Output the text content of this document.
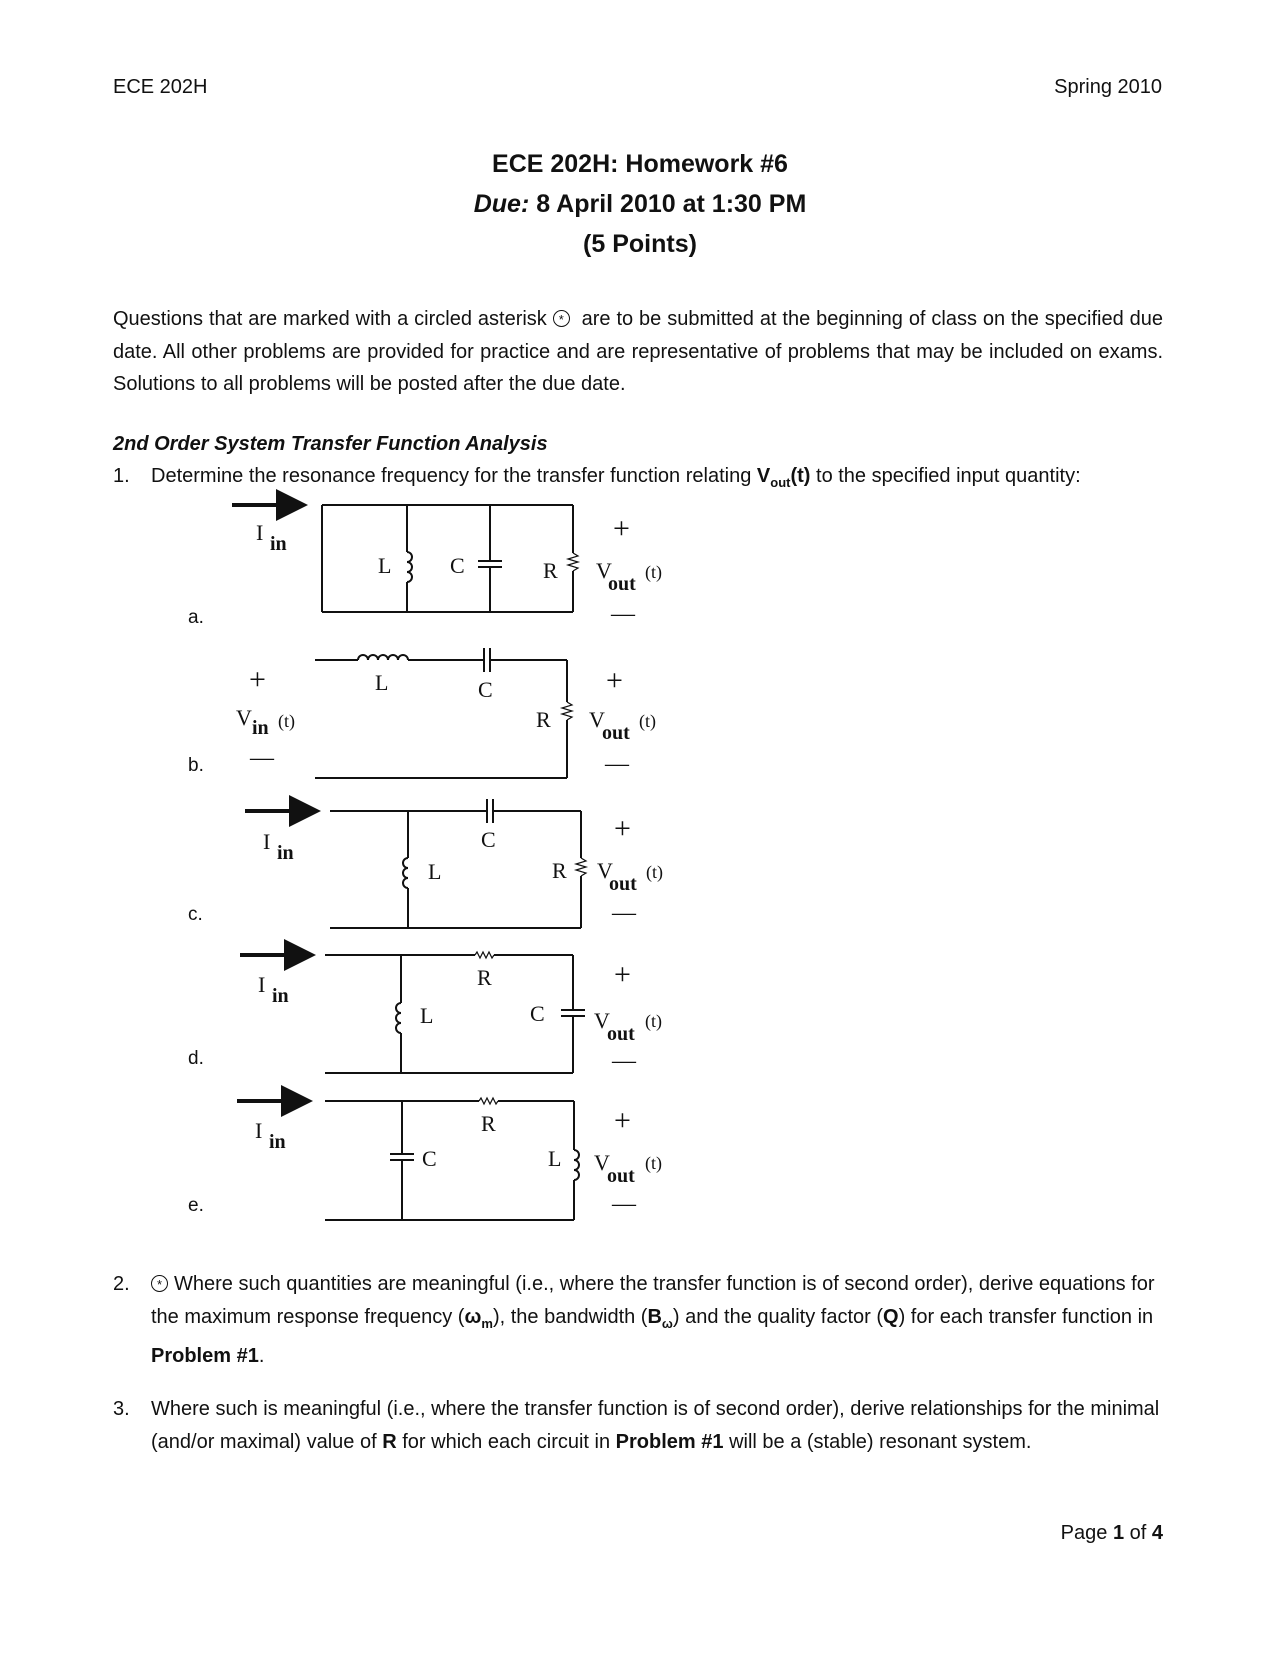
ECE 202H	Spring 2010
ECE 202H: Homework #6
Due: 8 April 2010 at 1:30 PM
(5 Points)
Questions that are marked with a circled asterisk * are to be submitted at the beginning of class on the specified due date. All other problems are provided for practice and are representative of problems that may be included on exams. Solutions to all problems will be posted after the due date.
2nd Order System Transfer Function Analysis
1. Determine the resonance frequency for the transfer function relating $V_{out}(t)$ to the specified input quantity:
a.
b.
c.
d.
e.
I in
L	C	R
+
V
out
(t)
—
+
V in (t)
—
L	C
R
+
V
out
(t)
—
I in
L
C
R
+
V
out
(t)
—
I in
L
R
C
+
V
out
(t)
—
I in
C
R
L
+
V
out
(t)
—
2.	* Where such quantities are meaningful (i.e., where the transfer function is of second order), derive equations for the maximum response frequency $(\omega_m)$, the bandwidth $(B_\omega)$ and the quality factor (Q) for each transfer function in Problem #1.
3. Where such is meaningful (i.e., where the transfer function is of second order), derive relationships for the minimal (and/or maximal) value of R for which each circuit in Problem #1 will be a (stable) resonant system.
Page 1 of 4
